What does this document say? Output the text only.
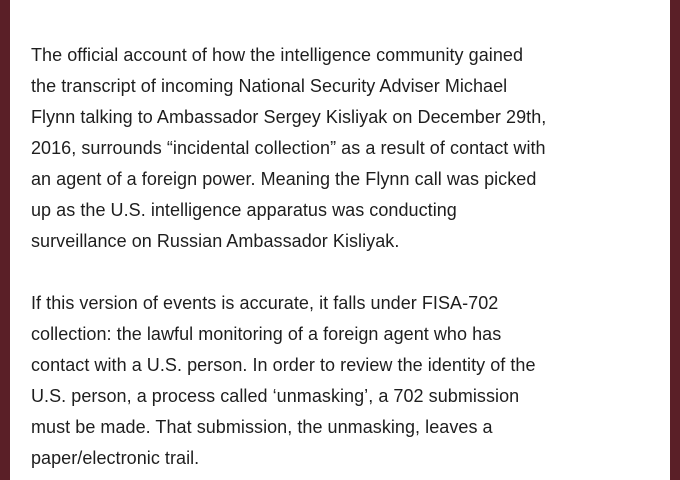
The official account of how the intelligence community gained
the transcript of incoming National Security Adviser Michael
Flynn talking to Ambassador Sergey Kisliyak on December 29th,
2016, surrounds “incidental collection” as a result of contact with
an agent of a foreign power. Meaning the Flynn call was picked
up as the U.S. intelligence apparatus was conducting
surveillance on Russian Ambassador Kisliyak.

If this version of events is accurate, it falls under FISA-702
collection: the lawful monitoring of a foreign agent who has
contact with a U.S. person. In order to review the identity of the
U.S. person, a process called ‘unmasking’, a 702 submission
must be made. That submission, the unmasking, leaves a
paper/electronic trail.
